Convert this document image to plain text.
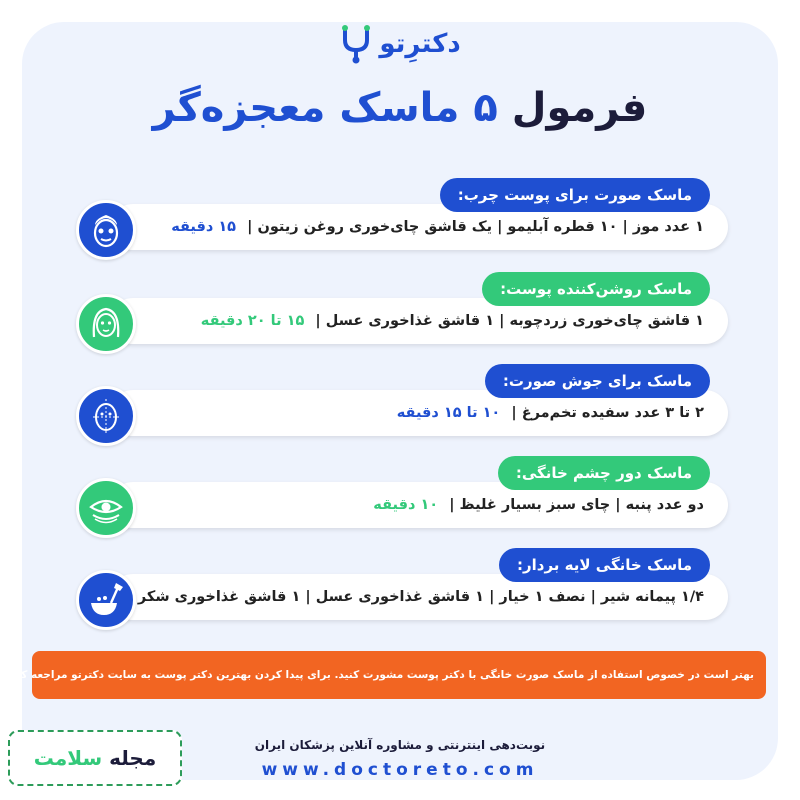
دکترِتو
فرمول ۵ ماسک معجزه‌گر
۱ عدد موز | ۱۰ قطره آبلیمو | یک قاشق چای‌خوری روغن زیتون | ۱۵ دقیقه
ماسک صورت برای پوست چرب:
۱ قاشق چای‌خوری زردچوبه | ۱ قاشق غذاخوری عسل | ۱۵ تا ۲۰ دقیقه
ماسک روشن‌کننده پوست:
۲ تا ۳ عدد سفیده تخم‌مرغ | ۱۰ تا ۱۵ دقیقه
ماسک برای جوش صورت:
دو عدد پنبه | چای سبز بسیار غلیظ | ۱۰ دقیقه
ماسک دور چشم خانگی:
۱/۴ پیمانه شیر | نصف ۱ خیار | ۱ قاشق غذاخوری عسل | ۱ قاشق غذاخوری شکر
ماسک خانگی لایه بردار:
بهتر است در خصوص استفاده از ماسک صورت خانگی با دکتر پوست مشورت کنید. برای پیدا کردن بهترین دکتر پوست به سایت دکترتو مراجعه کنید.
مجله سلامت
نوبت‌دهی اینترنتی و مشاوره آنلاین پزشکان ایران
www.doctoreto.com
